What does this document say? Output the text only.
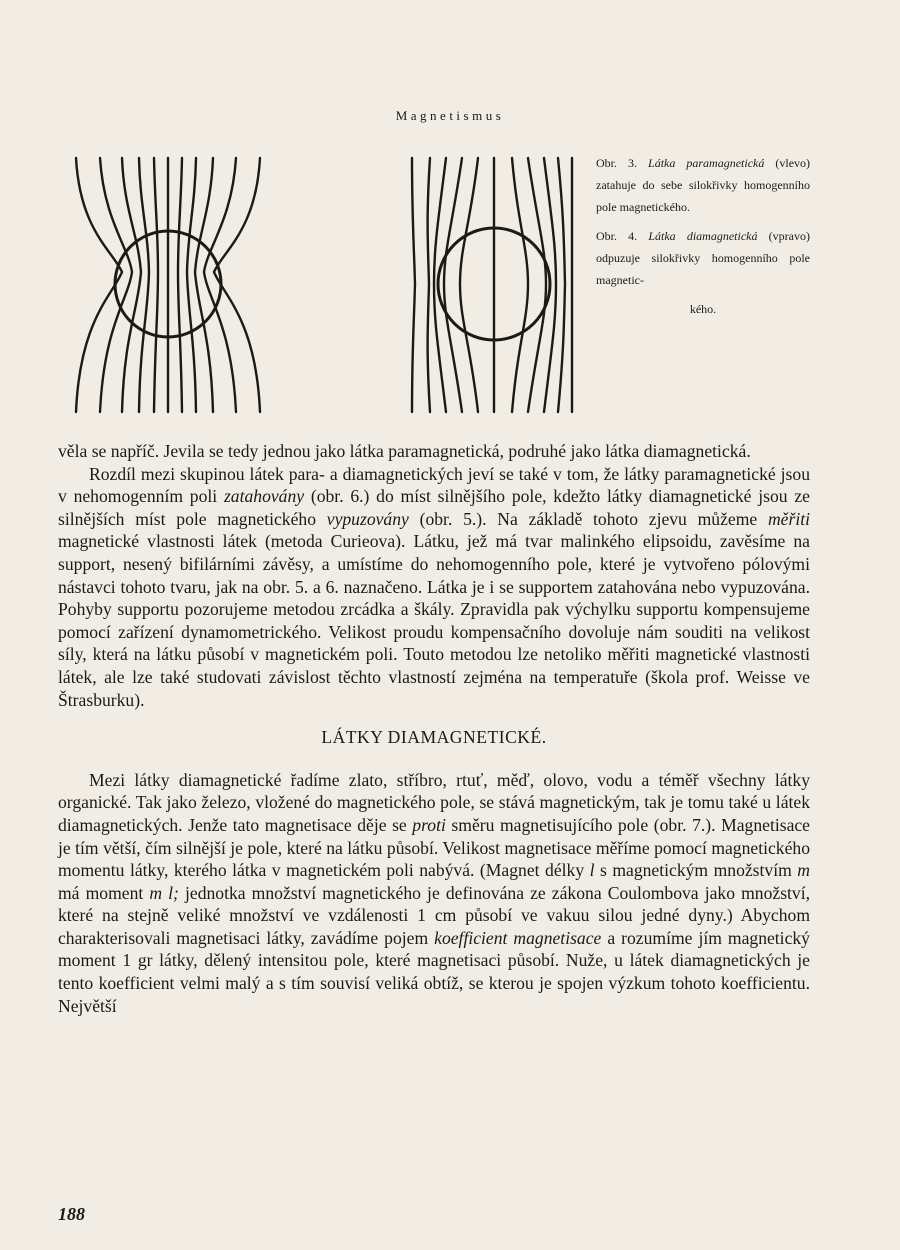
Magnetismus

Obr. 3. Látka paramagnetická (vlevo) zatahuje do sebe silokřivky homogenního pole magnetického.

Obr. 4. Látka diamagnetická (vpravo) odpuzuje silokřivky homogenního pole magnetic-

kého.

věla se napříč. Jevila se tedy jednou jako látka paramagnetická, podruhé jako látka diamagnetická.

Rozdíl mezi skupinou látek para- a diamagnetických jeví se také v tom, že látky paramagnetické jsou v nehomogenním poli zatahovány (obr. 6.) do míst silnějšího pole, kdežto látky diamagnetické jsou ze silnějších míst pole magnetického vypuzovány (obr. 5.). Na základě tohoto zjevu můžeme měřiti magnetické vlastnosti látek (metoda Curieova). Látku, jež má tvar malinkého elipsoidu, zavěsíme na support, nesený bifilárními závěsy, a umístíme do nehomogenního pole, které je vytvořeno pólovými nástavci tohoto tvaru, jak na obr. 5. a 6. naznačeno. Látka je i se supportem zatahována nebo vypuzována. Pohyby supportu pozorujeme metodou zrcádka a škály. Zpravidla pak výchylku supportu kompensujeme pomocí zařízení dynamometrického. Velikost proudu kompensačního dovoluje nám souditi na velikost síly, která na látku působí v magnetickém poli. Touto metodou lze netoliko měřiti magnetické vlastnosti látek, ale lze také studovati závislost těchto vlastností zejména na temperatuře (škola prof. Weisse ve Štrasburku).

LÁTKY DIAMAGNETICKÉ.

Mezi látky diamagnetické řadíme zlato, stříbro, rtuť, měď, olovo, vodu a téměř všechny látky organické. Tak jako železo, vložené do magnetického pole, se stává magnetickým, tak je tomu také u látek diamagnetických. Jenže tato magnetisace děje se proti směru magnetisujícího pole (obr. 7.). Magnetisace je tím větší, čím silnější je pole, které na látku působí. Velikost magnetisace měříme pomocí magnetického momentu látky, kterého látka v magnetickém poli nabývá. (Magnet délky l s magnetickým množstvím m má moment m l; jednotka množství magnetického je definována ze zákona Coulombova jako množství, které na stejně veliké množství ve vzdálenosti 1 cm působí ve vakuu silou jedné dyny.) Abychom charakterisovali magnetisaci látky, zavádíme pojem koefficient magnetisace a rozumíme jím magnetický moment 1 gr látky, dělený intensitou pole, které magnetisaci působí. Nuže, u látek diamagnetických je tento koefficient velmi malý a s tím souvisí veliká obtíž, se kterou je spojen výzkum tohoto koefficientu. Největší

188
